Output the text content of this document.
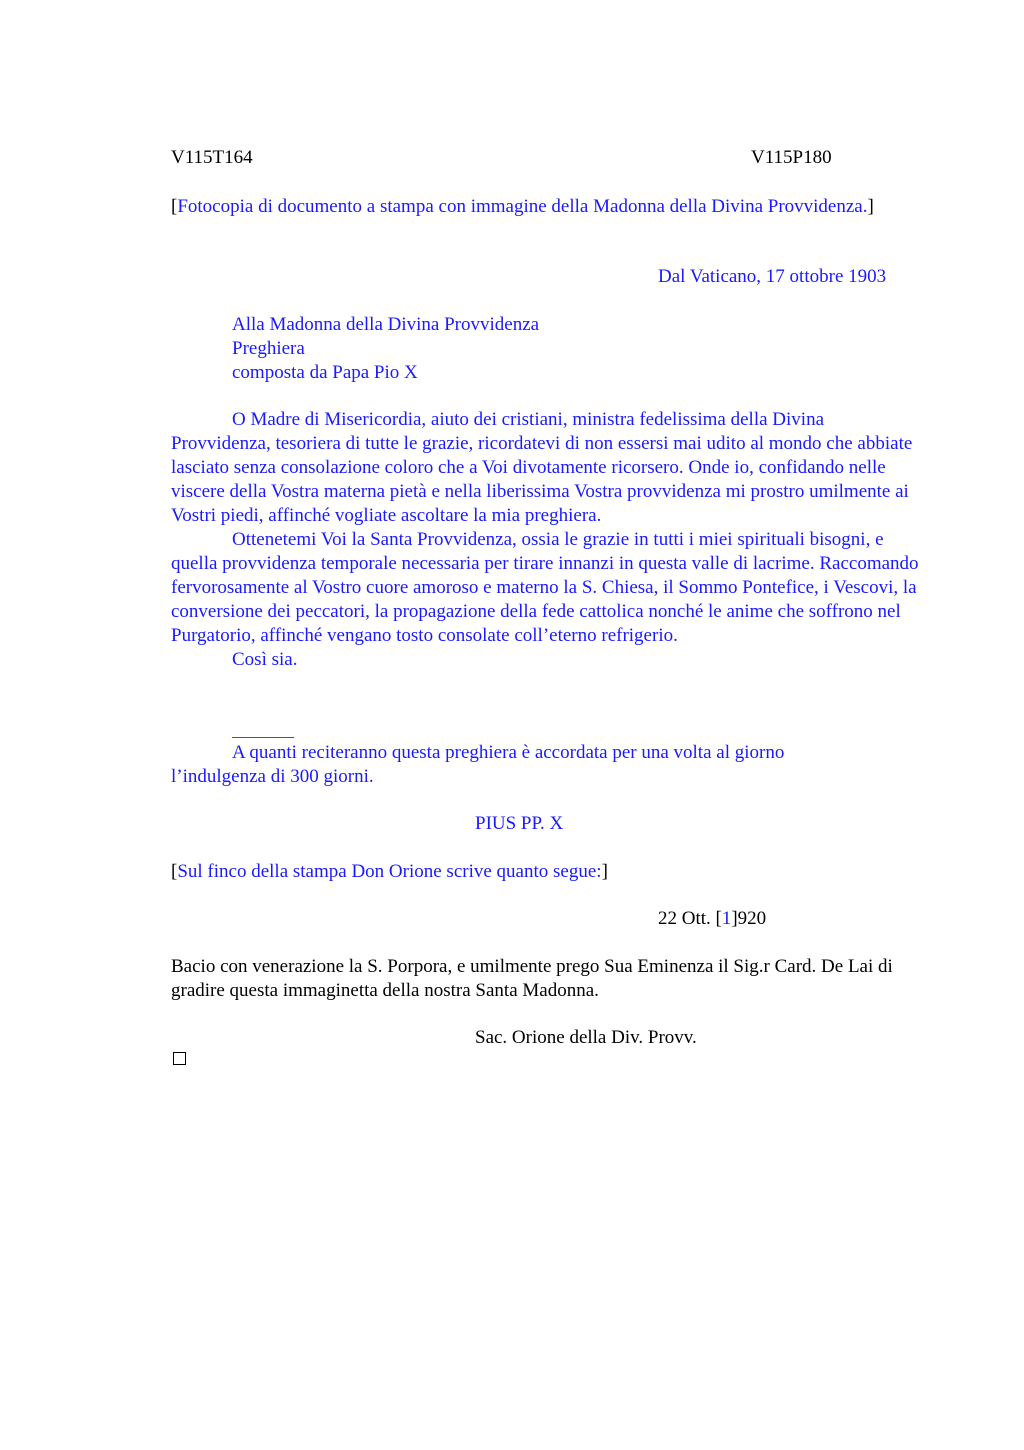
V115T164	V115P180
[Fotocopia di documento a stampa con immagine della Madonna della Divina Provvidenza.]
Dal Vaticano, 17 ottobre 1903
Alla Madonna della Divina Provvidenza
Preghiera
composta da Papa Pio X

O Madre di Misericordia, aiuto dei cristiani, ministra fedelissima della Divina Provvidenza, tesoriera di tutte le grazie, ricordatevi di non essersi mai udito al mondo che abbiate lasciato senza consolazione coloro che a Voi divotamente ricorsero. Onde io, confidando nelle viscere della Vostra materna pietà e nella liberissima Vostra provvidenza mi prostro umilmente ai Vostri piedi, affinché vogliate ascoltare la mia preghiera.

Ottenetemi Voi la Santa Provvidenza, ossia le grazie in tutti i miei spirituali bisogni, e quella provvidenza temporale necessaria per tirare innanzi in questa valle di lacrime. Raccomando fervorosamente al Vostro cuore amoroso e materno la S. Chiesa, il Sommo Pontefice, i Vescovi, la conversione dei peccatori, la propagazione della fede cattolica nonché le anime che soffrono nel Purgatorio, affinché vengano tosto consolate coll’eterno refrigerio.

Così sia.

A quanti reciteranno questa preghiera è accordata per una volta al giorno l’indulgenza di 300 giorni.

PIUS PP. X
[Sul finco della stampa Don Orione scrive quanto segue:]
22 Ott. [1]920
Bacio con venerazione la S. Porpora, e umilmente prego Sua Eminenza il Sig.r Card. De Lai di gradire questa immaginetta della nostra Santa Madonna.
Sac. Orione della Div. Provv.
